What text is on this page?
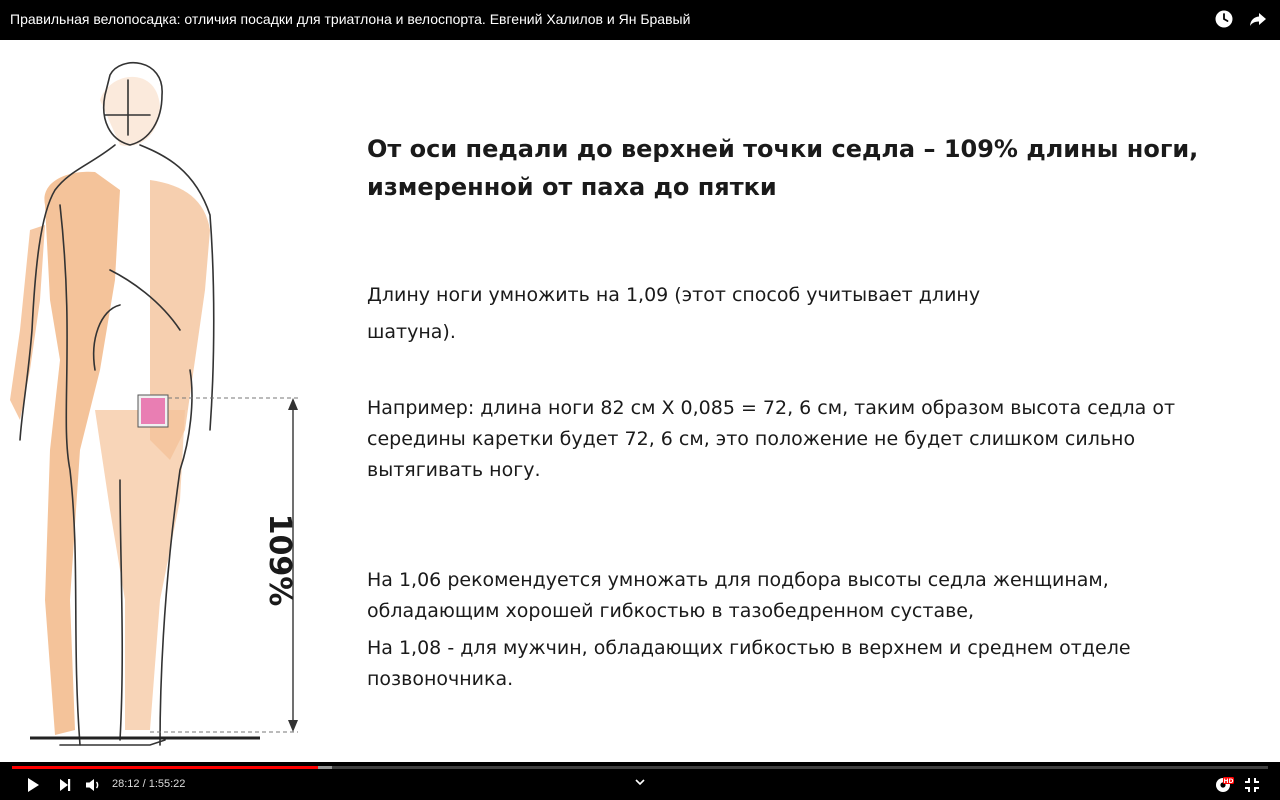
Правильная велопосадка: отличия посадки для триатлона и велоспорта. Евгений Халилов и Ян Бравый
109%
От оси педали до верхней точки седла – 109% длины ноги,
измеренной от паха до пятки
Длину ноги умножить на 1,09 (этот способ учитывает длину
шатуна).
Например: длина ноги 82 см Х 0,085 = 72, 6 см, таким образом высота седла от
середины каретки будет 72, 6 см, это положение не будет слишком сильно
вытягивать ногу.
На 1,06 рекомендуется умножать для подбора высоты седла женщинам,
обладающим хорошей гибкостью в тазобедренном суставе,
На 1,08 - для мужчин, обладающих гибкостью в верхнем и среднем отделе
позвоночника.
28:12 / 1:55:22	HD
